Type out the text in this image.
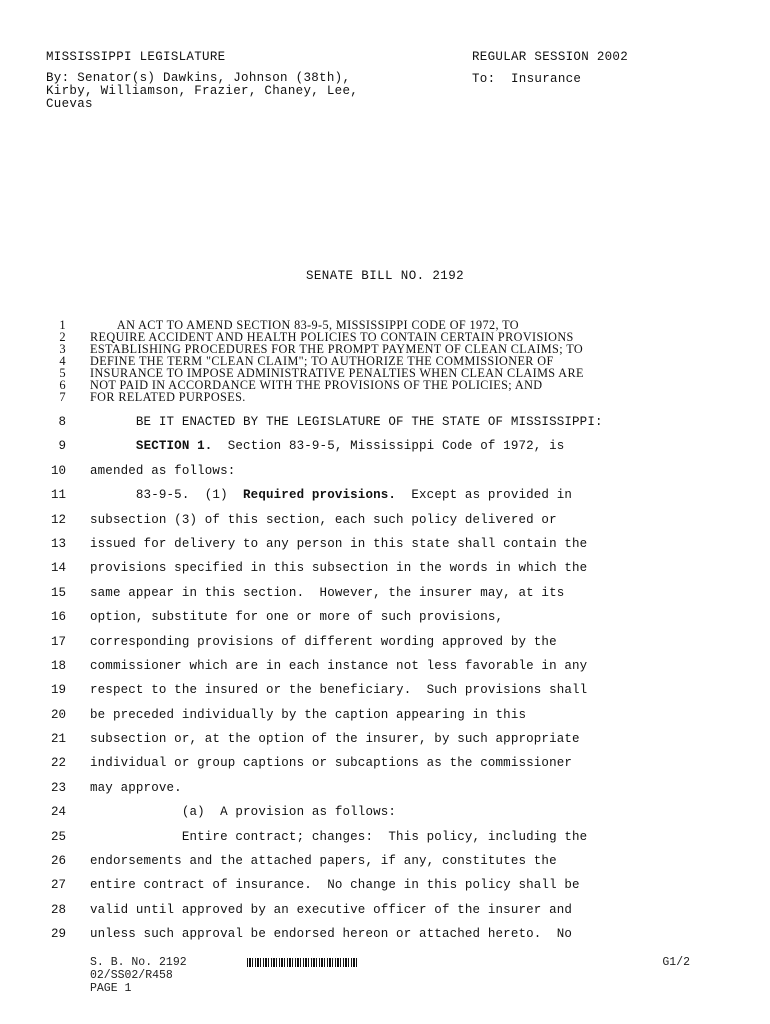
MISSISSIPPI LEGISLATURE	REGULAR SESSION 2002
By: Senator(s) Dawkins, Johnson (38th),
Kirby, Williamson, Frazier, Chaney, Lee,
Cuevas
To:  Insurance
SENATE BILL NO. 2192
1 AN ACT TO AMEND SECTION 83-9-5, MISSISSIPPI CODE OF 1972, TO
2 REQUIRE ACCIDENT AND HEALTH POLICIES TO CONTAIN CERTAIN PROVISIONS
3 ESTABLISHING PROCEDURES FOR THE PROMPT PAYMENT OF CLEAN CLAIMS; TO
4 DEFINE THE TERM "CLEAN CLAIM"; TO AUTHORIZE THE COMMISSIONER OF
5 INSURANCE TO IMPOSE ADMINISTRATIVE PENALTIES WHEN CLEAN CLAIMS ARE
6 NOT PAID IN ACCORDANCE WITH THE PROVISIONS OF THE POLICIES; AND
7 FOR RELATED PURPOSES.
8 BE IT ENACTED BY THE LEGISLATURE OF THE STATE OF MISSISSIPPI:
9	SECTION 1.  Section 83-9-5, Mississippi Code of 1972, is
10 amended as follows:
11 83-9-5.  (1)  Required provisions.  Except as provided in
12 subsection (3) of this section, each such policy delivered or
13 issued for delivery to any person in this state shall contain the
14 provisions specified in this subsection in the words in which the
15 same appear in this section.  However, the insurer may, at its
16 option, substitute for one or more of such provisions,
17 corresponding provisions of different wording approved by the
18 commissioner which are in each instance not less favorable in any
19 respect to the insured or the beneficiary.  Such provisions shall
20 be preceded individually by the caption appearing in this
21 subsection or, at the option of the insurer, by such appropriate
22 individual or group captions or subcaptions as the commissioner
23 may approve.
24 (a)  A provision as follows:
25 Entire contract; changes:  This policy, including the
26 endorsements and the attached papers, if any, constitutes the
27 entire contract of insurance.  No change in this policy shall be
28 valid until approved by an executive officer of the insurer and
29 unless such approval be endorsed hereon or attached hereto.  No
S. B. No. 2192	G1/2
02/SS02/R458
PAGE 1
